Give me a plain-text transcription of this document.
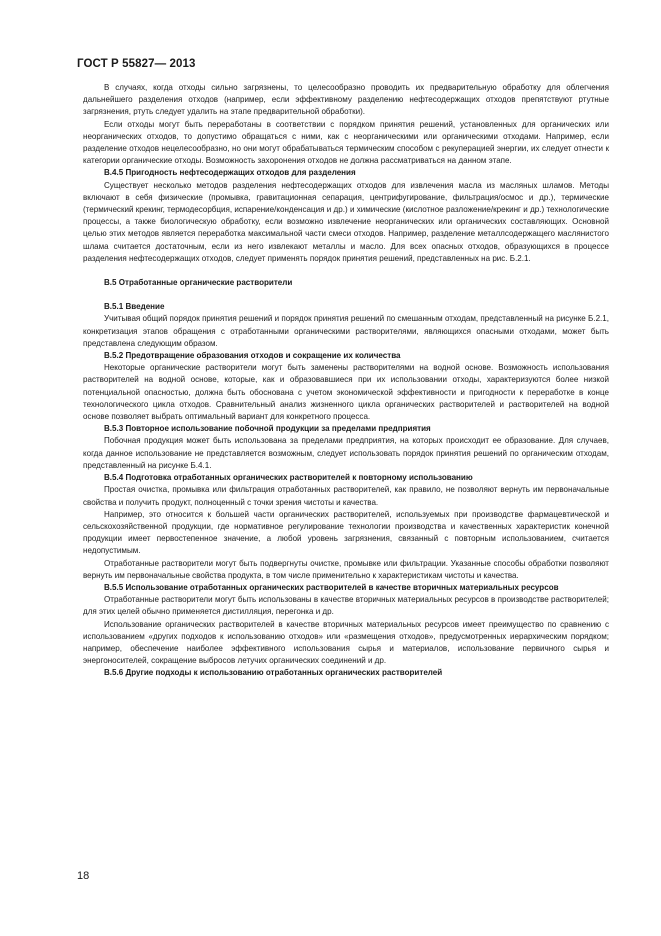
ГОСТ Р 55827— 2013

В случаях, когда отходы сильно загрязнены, то целесообразно проводить их предварительную обработку для облегчения дальнейшего разделения отходов (например, если эффективному разделению нефтесодержащих отходов препятствуют ртутные загрязнения, ртуть следует удалить на этапе предварительной обработки).

Если отходы могут быть переработаны в соответствии с порядком принятия решений, установленных для органических или неорганических отходов, то допустимо обращаться с ними, как с неорганическими или органическими отходами. Например, если разделение отходов нецелесообразно, но они могут обрабатываться термическим способом с рекуперацией энергии, их следует отнести к категории органические отходы. Возможность захоронения отходов не должна рассматриваться на данном этапе.

В.4.5 Пригодность нефтесодержащих отходов для разделения

Существует несколько методов разделения нефтесодержащих отходов для извлечения масла из масляных шламов. Методы включают в себя физические (промывка, гравитационная сепарация, центрифугирование, фильтрация/осмос и др.), термические (термический крекинг, термодесорбция, испарение/конденсация и др.) и химические (кислотное разложение/крекинг и др.) технологические процессы, а также биологическую обработку, если возможно извлечение неорганических или органических составляющих. Основной целью этих методов является переработка максимальной части смеси отходов. Например, разделение металлсодержащего маслянистого шлама считается достаточным, если из него извлекают металлы и масло. Для всех опасных отходов, образующихся в процессе разделения нефтесодержащих отходов, следует применять порядок принятия решений, представленных на рис. Б.2.1.

В.5 Отработанные органические растворители

В.5.1 Введение

Учитывая общий порядок принятия решений и порядок принятия решений по смешанным отходам, представленный на рисунке Б.2.1, конкретизация этапов обращения с отработанными органическими растворителями, являющихся опасными отходами, может быть представлена следующим образом.

В.5.2 Предотвращение образования отходов и сокращение их количества

Некоторые органические растворители могут быть заменены растворителями на водной основе. Возможность использования растворителей на водной основе, которые, как и образовавшиеся при их использовании отходы, характеризуются более низкой потенциальной опасностью, должна быть обоснована с учетом экономической эффективности и пригодности к переработке в конце технологического цикла отходов. Сравнительный анализ жизненного цикла органических растворителей и растворителей на водной основе позволяет выбрать оптимальный вариант для конкретного процесса.

В.5.3 Повторное использование побочной продукции за пределами предприятия

Побочная продукция может быть использована за пределами предприятия, на которых происходит ее образование. Для случаев, когда данное использование не представляется возможным, следует использовать порядок принятия решений по органическим отходам, представленный на рисунке Б.4.1.

В.5.4 Подготовка отработанных органических растворителей к повторному использованию

Простая очистка, промывка или фильтрация отработанных растворителей, как правило, не позволяют вернуть им первоначальные свойства и получить продукт, полноценный с точки зрения чистоты и качества.

Например, это относится к большей части органических растворителей, используемых при производстве фармацевтической и сельскохозяйственной продукции, где нормативное регулирование технологии производства и качественных характеристик конечной продукции имеет первостепенное значение, а любой уровень загрязнения, связанный с повторным использованием, считается недопустимым.

Отработанные растворители могут быть подвергнуты очистке, промывке или фильтрации. Указанные способы обработки позволяют вернуть им первоначальные свойства продукта, в том числе применительно к характеристикам чистоты и качества.

В.5.5 Использование отработанных органических растворителей в качестве вторичных материальных ресурсов

Отработанные растворители могут быть использованы в качестве вторичных материальных ресурсов в производстве растворителей; для этих целей обычно применяется дистилляция, перегонка и др.

Использование органических растворителей в качестве вторичных материальных ресурсов имеет преимущество по сравнению с использованием «других подходов к использованию отходов» или «размещения отходов», предусмотренных иерархическим порядком; например, обеспечение наиболее эффективного использования сырья и материалов, использование первичного сырья и энергоносителей, сокращение выбросов летучих органических соединений и др.

В.5.6 Другие подходы к использованию отработанных органических растворителей

18
